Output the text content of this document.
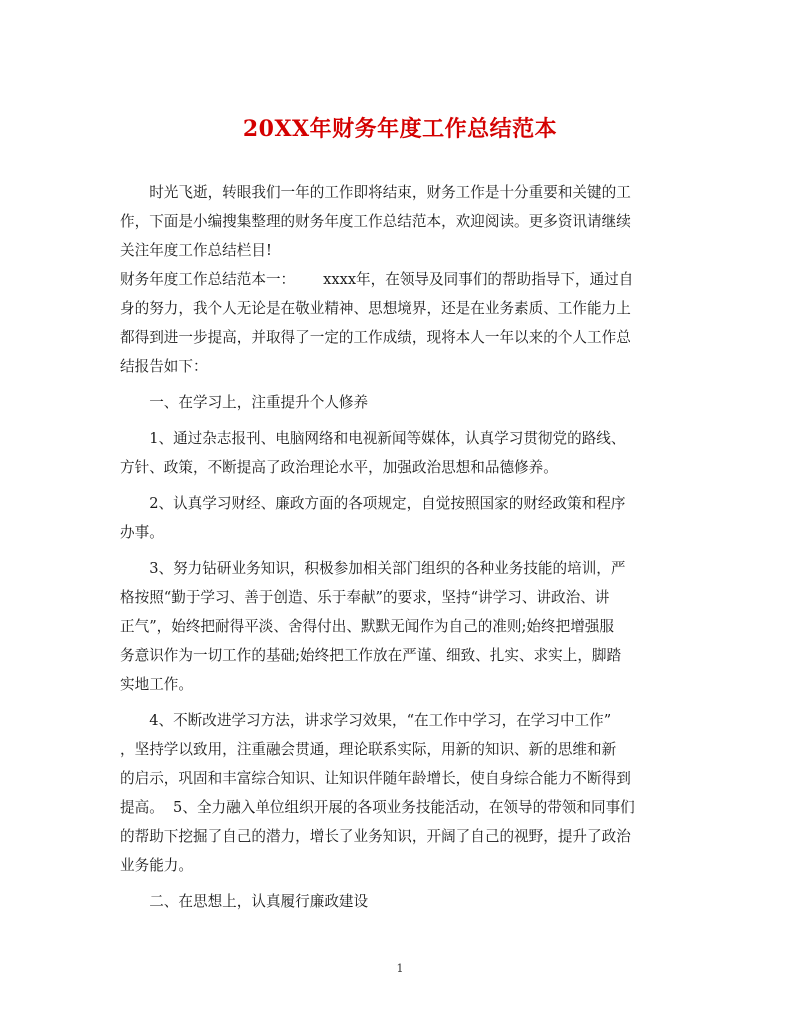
20XX年财务年度工作总结范本

时光飞逝，转眼我们一年的工作即将结束，财务工作是十分重要和关键的工
作，下面是小编搜集整理的财务年度工作总结范本，欢迎阅读。更多资讯请继续
关注年度工作总结栏目!

财务年度工作总结范本一： xxxx年，在领导及同事们的帮助指导下，通过自
身的努力，我个人无论是在敬业精神、思想境界，还是在业务素质、工作能力上
都得到进一步提高，并取得了一定的工作成绩，现将本人一年以来的个人工作总
结报告如下：

一、在学习上，注重提升个人修养

1、通过杂志报刊、电脑网络和电视新闻等媒体，认真学习贯彻党的路线、
方针、政策，不断提高了政治理论水平，加强政治思想和品德修养。

2、认真学习财经、廉政方面的各项规定，自觉按照国家的财经政策和程序
办事。

3、努力钻研业务知识，积极参加相关部门组织的各种业务技能的培训，严
格按照“勤于学习、善于创造、乐于奉献”的要求，坚持“讲学习、讲政治、讲
正气”，始终把耐得平淡、舍得付出、默默无闻作为自己的准则;始终把增强服
务意识作为一切工作的基础;始终把工作放在严谨、细致、扎实、求实上，脚踏
实地工作。

4、不断改进学习方法，讲求学习效果，“在工作中学习，在学习中工作”
，坚持学以致用，注重融会贯通，理论联系实际，用新的知识、新的思维和新
的启示，巩固和丰富综合知识、让知识伴随年龄增长，使自身综合能力不断得到
提高。  5、全力融入单位组织开展的各项业务技能活动，在领导的带领和同事们
的帮助下挖掘了自己的潜力，增长了业务知识，开阔了自己的视野，提升了政治
业务能力。

二、在思想上，认真履行廉政建设

1
